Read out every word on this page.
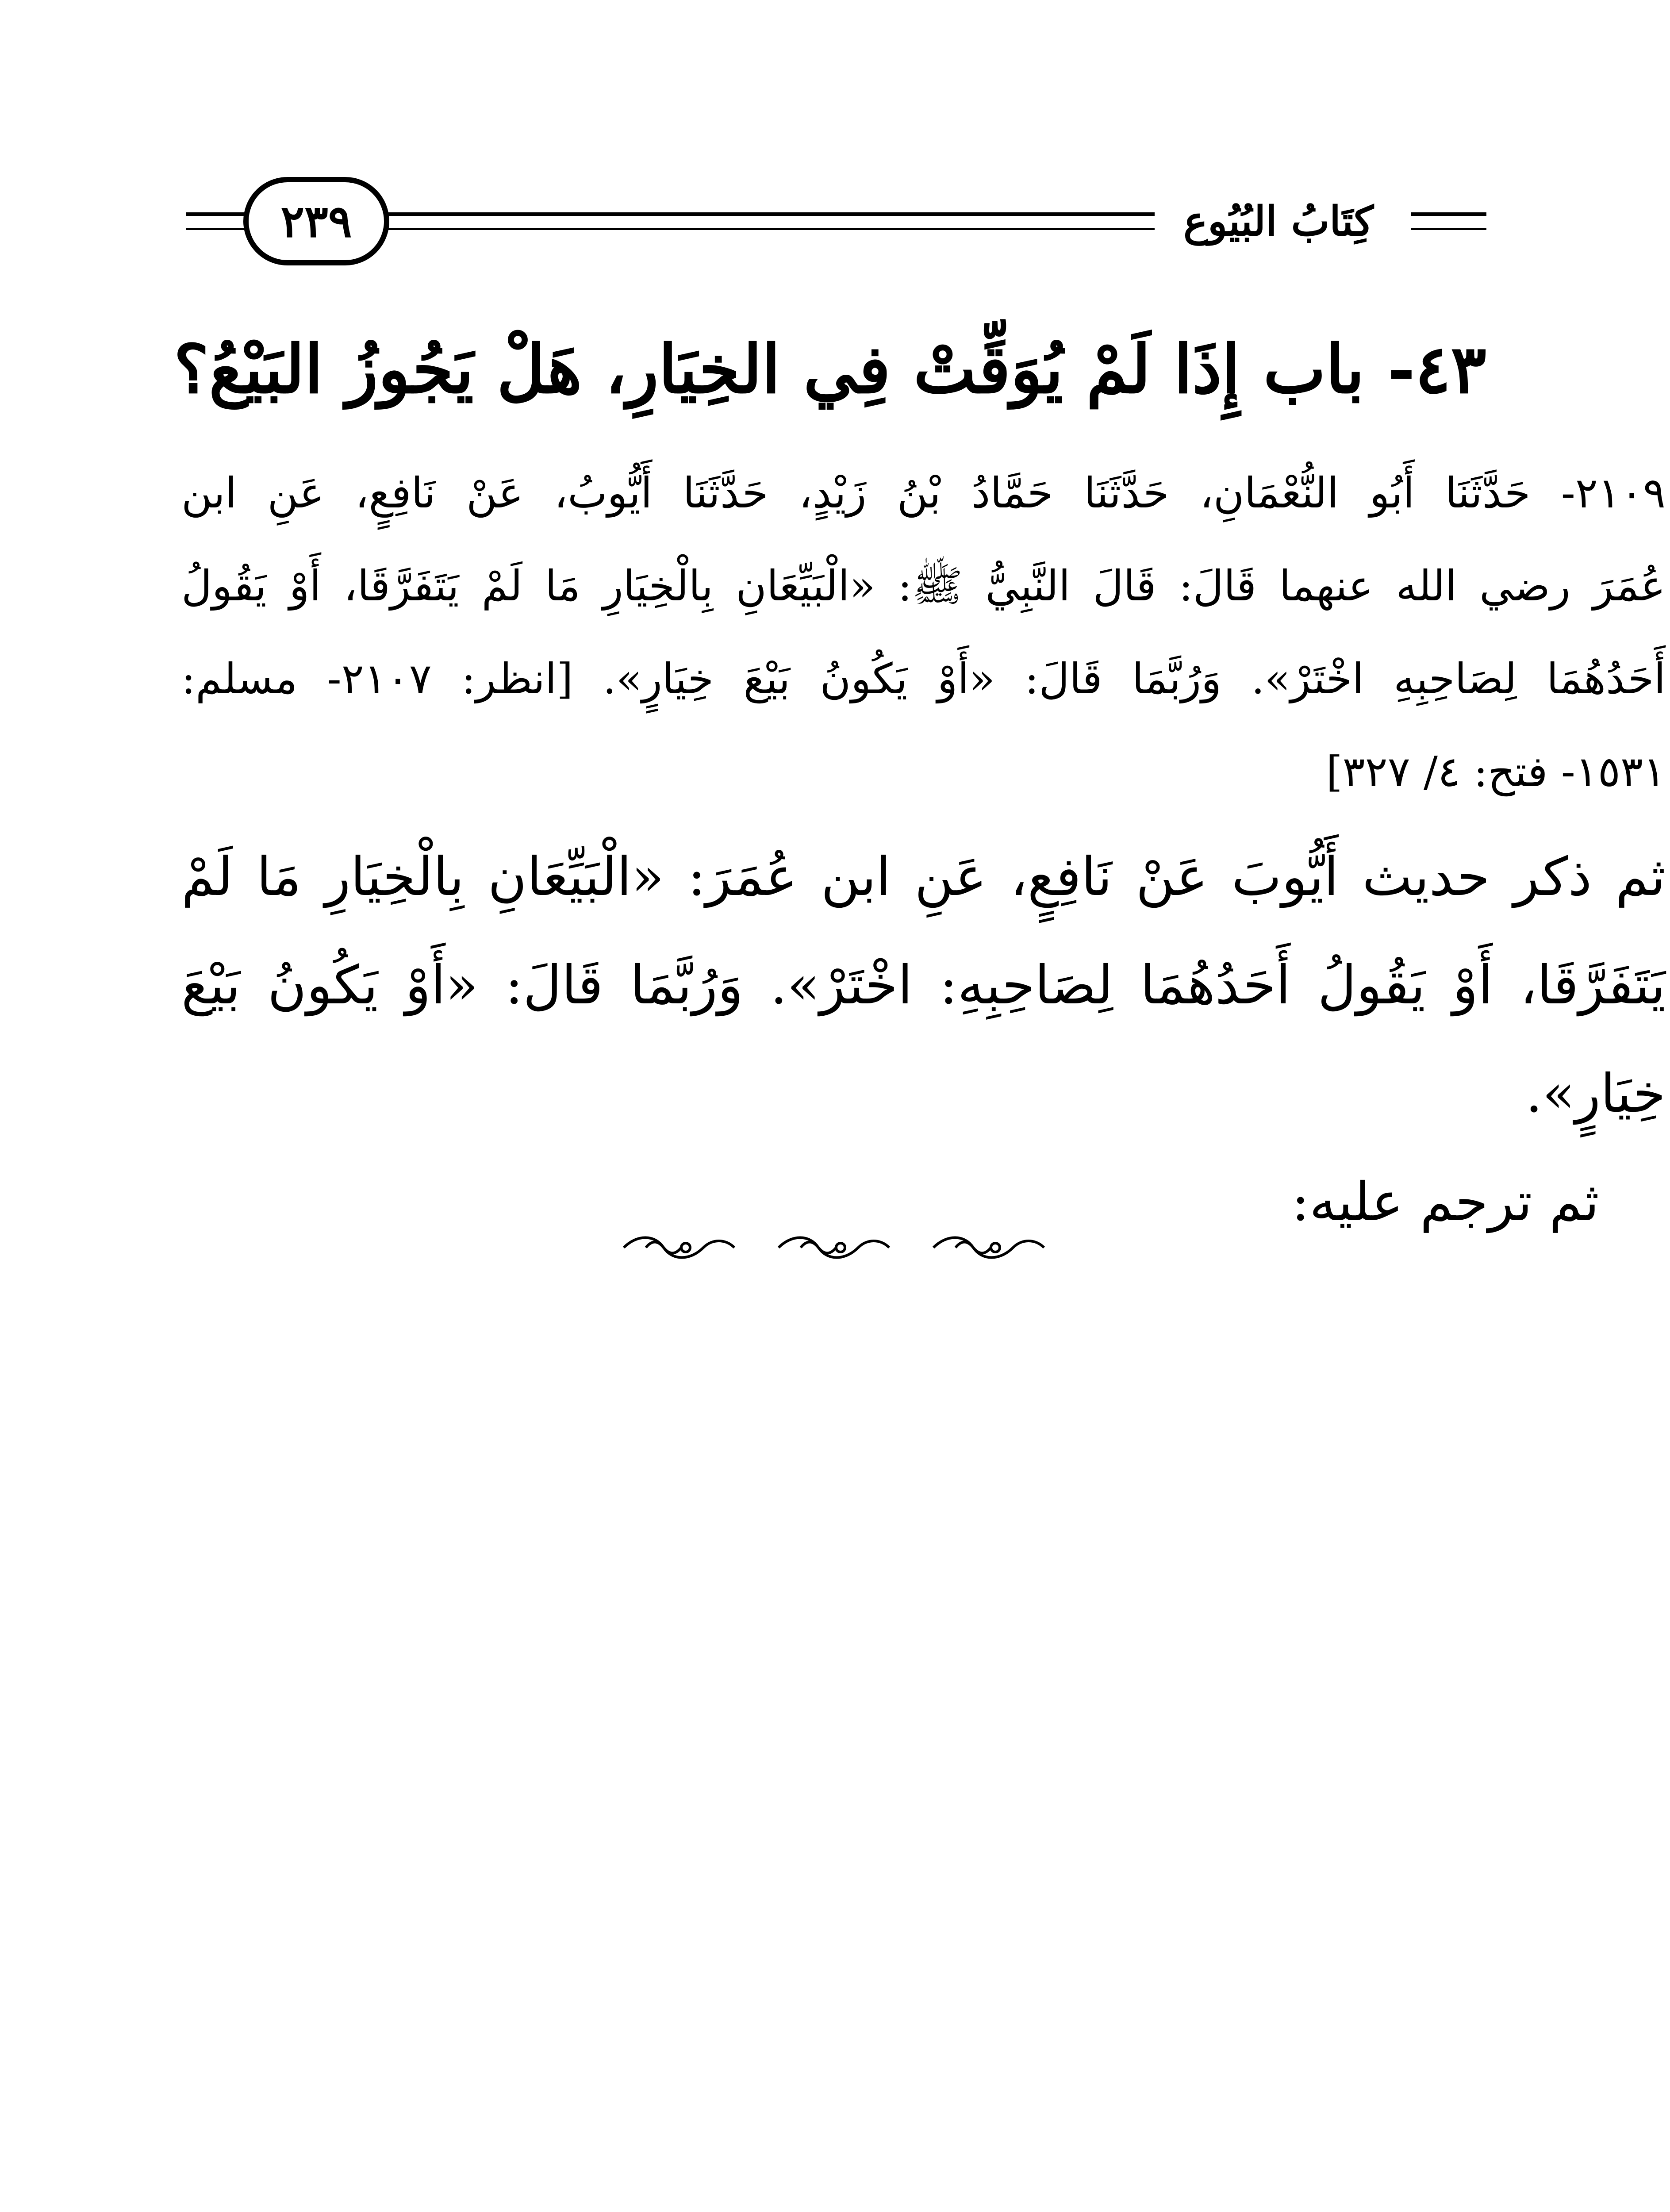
٢٣٩	كِتَابُ البُيُوع
٤٣- باب إِذَا لَمْ يُوَقِّتْ فِي الخِيَارِ، هَلْ يَجُوزُ البَيْعُ؟
٢١٠٩- حَدَّثَنَا أَبُو النُّعْمَانِ، حَدَّثَنَا حَمَّادُ بْنُ زَيْدٍ، حَدَّثَنَا أَيُّوبُ، عَنْ نَافِعٍ، عَنِ ابن
عُمَرَ رضي الله عنهما قَالَ: قَالَ النَّبِيُّ ﷺ: «الْبَيِّعَانِ بِالْخِيَارِ مَا لَمْ يَتَفَرَّقَا، أَوْ يَقُولُ
أَحَدُهُمَا لِصَاحِبِهِ اخْتَرْ». وَرُبَّمَا قَالَ: «أَوْ يَكُونُ بَيْعَ خِيَارٍ». [انظر: ٢١٠٧- مسلم:
١٥٣١- فتح: ٤/ ٣٢٧]
ثم ذكر حديث أَيُّوبَ عَنْ نَافِعٍ، عَنِ ابن عُمَرَ: «الْبَيِّعَانِ بِالْخِيَارِ مَا لَمْ
يَتَفَرَّقَا، أَوْ يَقُولُ أَحَدُهُمَا لِصَاحِبِهِ: اخْتَرْ». وَرُبَّمَا قَالَ: «أَوْ يَكُونُ بَيْعَ
خِيَارٍ».
ثم ترجم عليه:
